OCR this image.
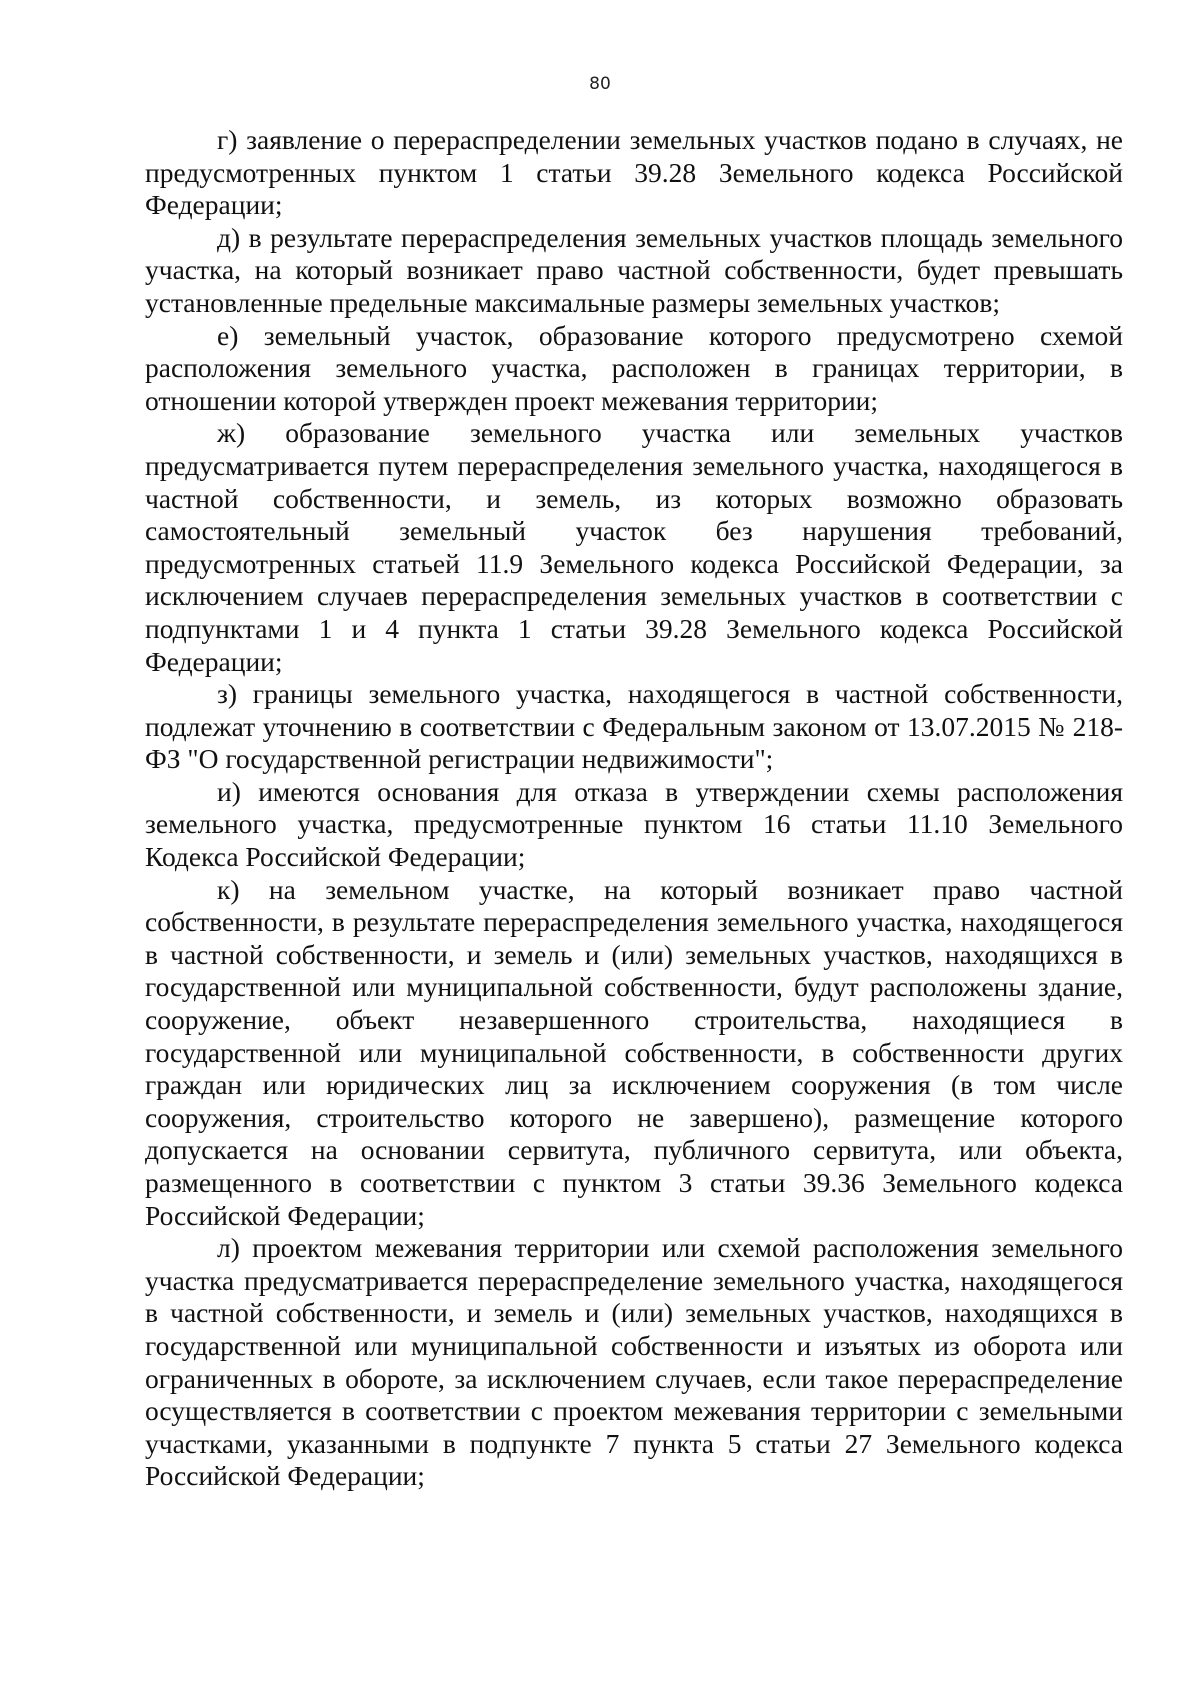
80

г) заявление о перераспределении земельных участков подано в случаях, не предусмотренных пунктом 1 статьи 39.28 Земельного кодекса Российской Федерации;

д) в результате перераспределения земельных участков площадь земельного участка, на который возникает право частной собственности, будет превышать установленные предельные максимальные размеры земельных участков;

е) земельный участок, образование которого предусмотрено схемой расположения земельного участка, расположен в границах территории, в отношении которой утвержден проект межевания территории;

ж) образование земельного участка или земельных участков предусматривается путем перераспределения земельного участка, находящегося в частной собственности, и земель, из которых возможно образовать самостоятельный земельный участок без нарушения требований, предусмотренных статьей 11.9 Земельного кодекса Российской Федерации, за исключением случаев перераспределения земельных участков в соответствии с подпунктами 1 и 4 пункта 1 статьи 39.28 Земельного кодекса Российской Федерации;

з) границы земельного участка, находящегося в частной собственности, подлежат уточнению в соответствии с Федеральным законом от 13.07.2015 № 218-ФЗ "О государственной регистрации недвижимости";

и) имеются основания для отказа в утверждении схемы расположения земельного участка, предусмотренные пунктом 16 статьи 11.10 Земельного Кодекса Российской Федерации;

к) на земельном участке, на который возникает право частной собственности, в результате перераспределения земельного участка, находящегося в частной собственности, и земель и (или) земельных участков, находящихся в государственной или муниципальной собственности, будут расположены здание, сооружение, объект незавершенного строительства, находящиеся в государственной или муниципальной собственности, в собственности других граждан или юридических лиц за исключением сооружения (в том числе сооружения, строительство которого не завершено), размещение которого допускается на основании сервитута, публичного сервитута, или объекта, размещенного в соответствии с пунктом 3 статьи 39.36 Земельного кодекса Российской Федерации;

л) проектом межевания территории или схемой расположения земельного участка предусматривается перераспределение земельного участка, находящегося в частной собственности, и земель и (или) земельных участков, находящихся в государственной или муниципальной собственности и изъятых из оборота или ограниченных в обороте, за исключением случаев, если такое перераспределение осуществляется в соответствии с проектом межевания территории с земельными участками, указанными в подпункте 7 пункта 5 статьи 27 Земельного кодекса Российской Федерации;
